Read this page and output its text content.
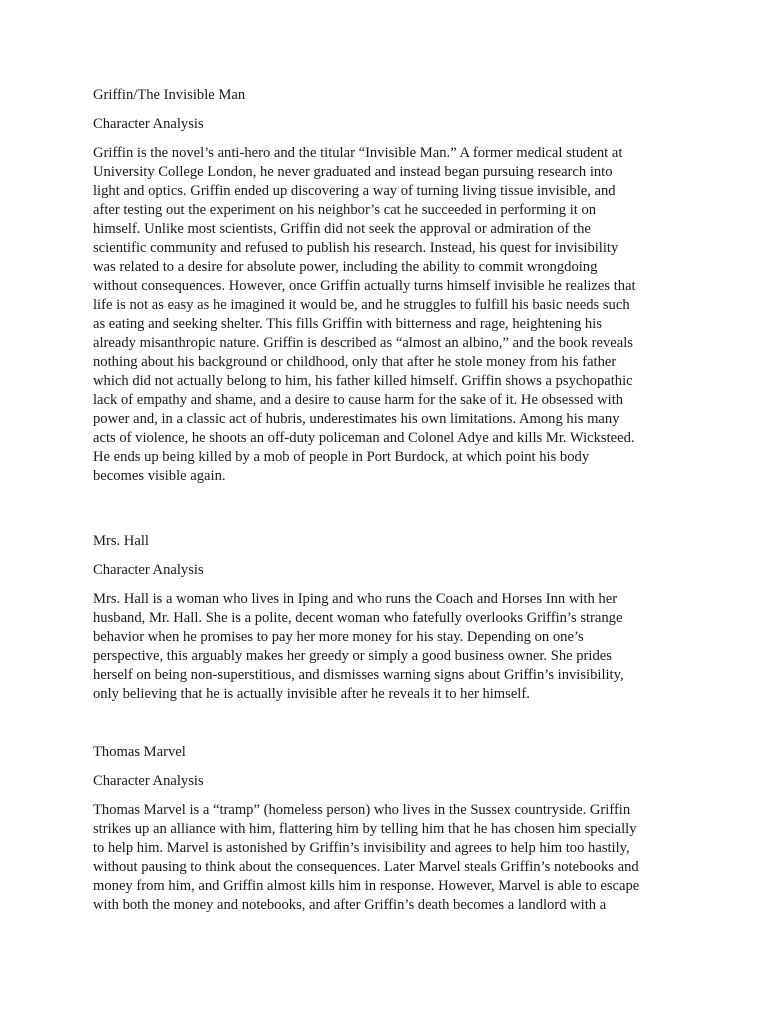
Griffin/The Invisible Man

Character Analysis

Griffin is the novel’s anti-hero and the titular “Invisible Man.” A former medical student at
University College London, he never graduated and instead began pursuing research into
light and optics. Griffin ended up discovering a way of turning living tissue invisible, and
after testing out the experiment on his neighbor’s cat he succeeded in performing it on
himself. Unlike most scientists, Griffin did not seek the approval or admiration of the
scientific community and refused to publish his research. Instead, his quest for invisibility
was related to a desire for absolute power, including the ability to commit wrongdoing
without consequences. However, once Griffin actually turns himself invisible he realizes that
life is not as easy as he imagined it would be, and he struggles to fulfill his basic needs such
as eating and seeking shelter. This fills Griffin with bitterness and rage, heightening his
already misanthropic nature. Griffin is described as “almost an albino,” and the book reveals
nothing about his background or childhood, only that after he stole money from his father
which did not actually belong to him, his father killed himself. Griffin shows a psychopathic
lack of empathy and shame, and a desire to cause harm for the sake of it. He obsessed with
power and, in a classic act of hubris, underestimates his own limitations. Among his many
acts of violence, he shoots an off-duty policeman and Colonel Adye and kills Mr. Wicksteed.
He ends up being killed by a mob of people in Port Burdock, at which point his body
becomes visible again.

Mrs. Hall

Character Analysis

Mrs. Hall is a woman who lives in Iping and who runs the Coach and Horses Inn with her
husband, Mr. Hall. She is a polite, decent woman who fatefully overlooks Griffin’s strange
behavior when he promises to pay her more money for his stay. Depending on one’s
perspective, this arguably makes her greedy or simply a good business owner. She prides
herself on being non-superstitious, and dismisses warning signs about Griffin’s invisibility,
only believing that he is actually invisible after he reveals it to her himself.

Thomas Marvel

Character Analysis

Thomas Marvel is a “tramp” (homeless person) who lives in the Sussex countryside. Griffin
strikes up an alliance with him, flattering him by telling him that he has chosen him specially
to help him. Marvel is astonished by Griffin’s invisibility and agrees to help him too hastily,
without pausing to think about the consequences. Later Marvel steals Griffin’s notebooks and
money from him, and Griffin almost kills him in response. However, Marvel is able to escape
with both the money and notebooks, and after Griffin’s death becomes a landlord with a
